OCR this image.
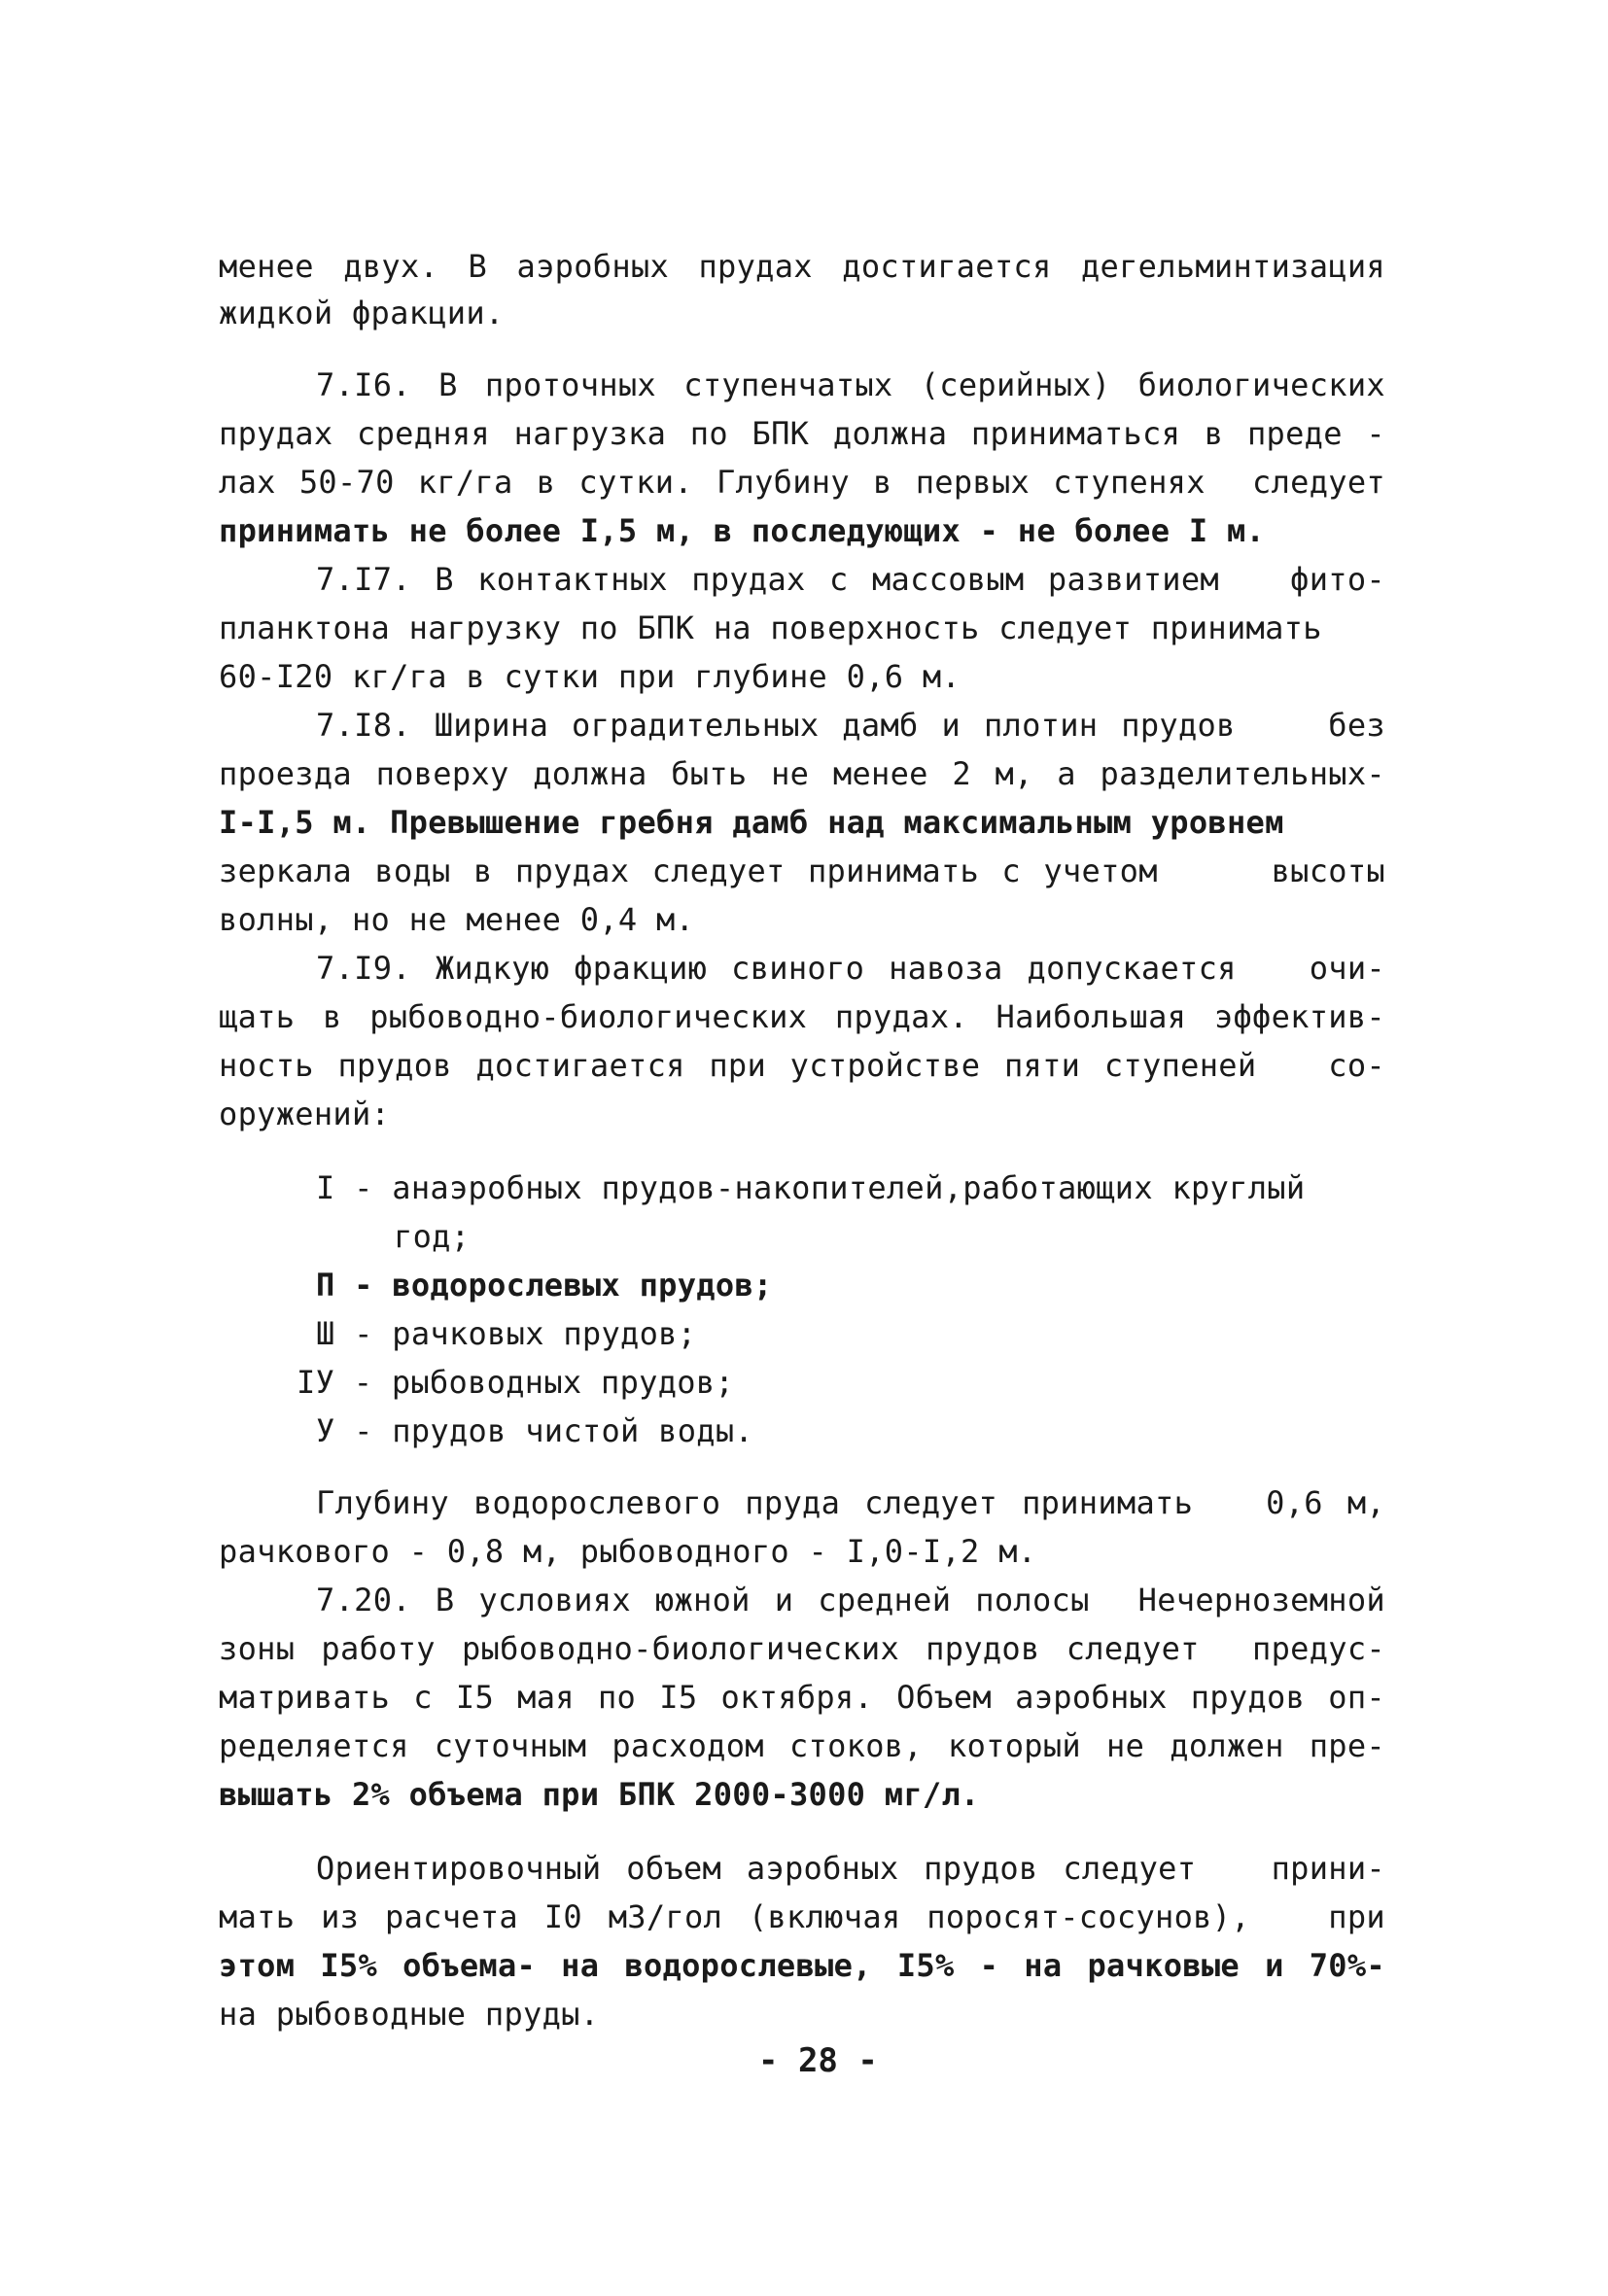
менее двух. В аэробных прудах достигается дегельминтизация
жидкой фракции.
7.I6. В проточных ступенчатых (серийных) биологических
прудах средняя нагрузка по БПК должна приниматься в преде -
лах 50-70 кг/га в сутки. Глубину в первых ступенях  следует
принимать не более I,5 м, в последующих - не более I м.
7.I7. В контактных прудах с массовым развитием   фито-
планктона нагрузку по БПК на поверхность следует принимать
60-I20 кг/га в сутки при глубине 0,6 м.
7.I8. Ширина оградительных дамб и плотин прудов    без
проезда поверху должна быть не менее 2 м, а разделительных-
I-I,5 м. Превышение гребня дамб над максимальным уровнем
зеркала воды в прудах следует принимать с учетом     высоты
волны, но не менее 0,4 м.
7.I9. Жидкую фракцию свиного навоза допускается   очи-
щать в рыбоводно-биологических прудах. Наибольшая эффектив-
ность прудов достигается при устройстве пяти ступеней   со-
оружений:
I - анаэробных прудов-накопителей,работающих круглый
год;
П - водорослевых прудов;
Ш - рачковых прудов;
IУ - рыбоводных прудов;
У - прудов чистой воды.
Глубину водорослевого пруда следует принимать   0,6 м,
рачкового - 0,8 м, рыбоводного - I,0-I,2 м.
7.20. В условиях южной и средней полосы  Нечерноземной
зоны работу рыбоводно-биологических прудов следует  предус-
матривать с I5 мая по I5 октября. Объем аэробных прудов оп-
ределяется суточным расходом стоков, который не должен пре-
вышать 2% объема при БПК 2000-3000 мг/л.
Ориентировочный объем аэробных прудов следует   прини-
мать из расчета I0 м3/гол (включая поросят-сосунов),   при
этом I5% объема- на водорослевые, I5% - на рачковые и 70%-
на рыбоводные пруды.
- 28 -
